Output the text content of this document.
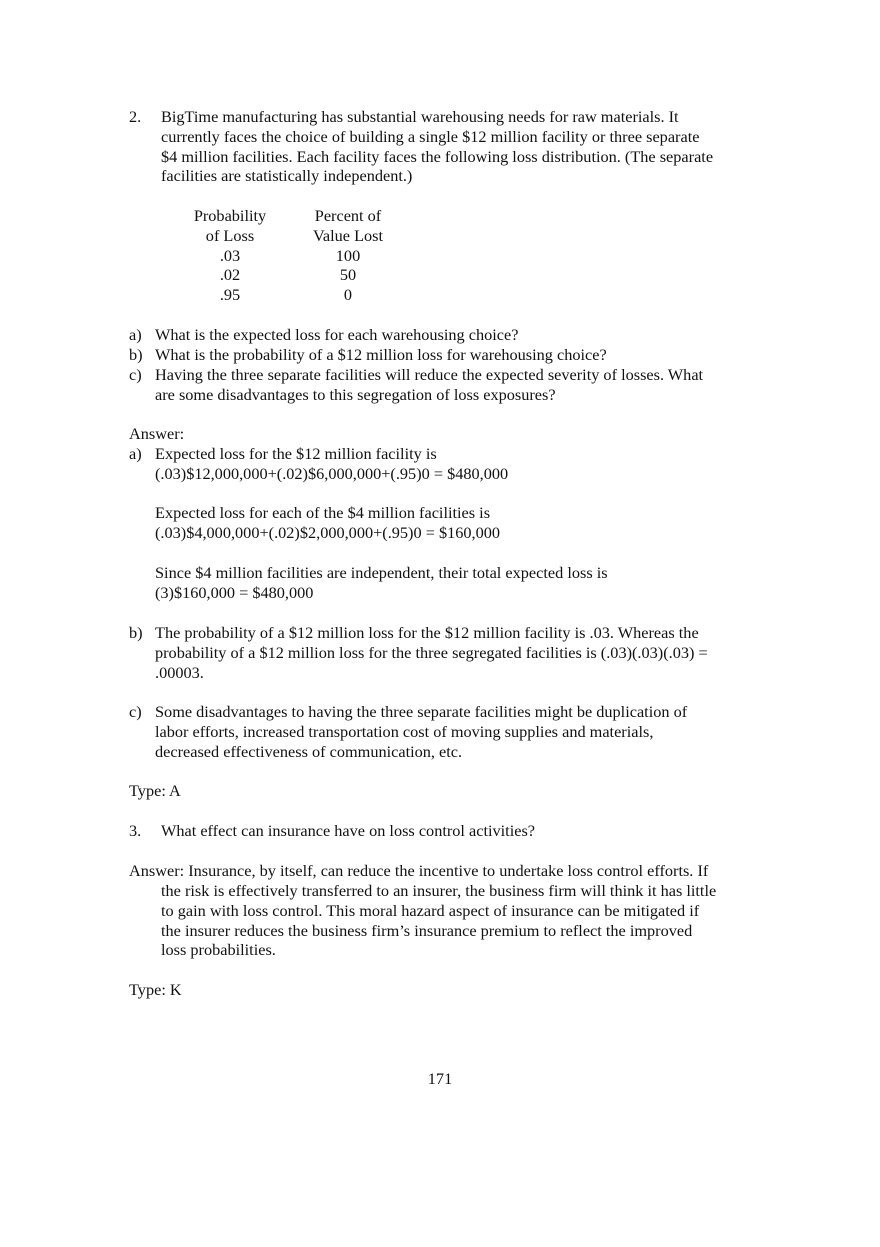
2. BigTime manufacturing has substantial warehousing needs for raw materials. It
currently faces the choice of building a single $12 million facility or three separate
$4 million facilities. Each facility faces the following loss distribution. (The separate
facilities are statistically independent.)
Probability
of Loss
.03
.02
.95
Percent of
Value Lost
100
50
0
a) What is the expected loss for each warehousing choice?
b) What is the probability of a $12 million loss for warehousing choice?
c) Having the three separate facilities will reduce the expected severity of losses. What
are some disadvantages to this segregation of loss exposures?
Answer:
a) Expected loss for the $12 million facility is
(.03)$12,000,000+(.02)$6,000,000+(.95)0 = $480,000
Expected loss for each of the $4 million facilities is
(.03)$4,000,000+(.02)$2,000,000+(.95)0 = $160,000
Since $4 million facilities are independent, their total expected loss is
(3)$160,000 = $480,000
b) The probability of a $12 million loss for the $12 million facility is .03. Whereas the
probability of a $12 million loss for the three segregated facilities is (.03)(.03)(.03) =
.00003.
c) Some disadvantages to having the three separate facilities might be duplication of
labor efforts, increased transportation cost of moving supplies and materials,
decreased effectiveness of communication, etc.
Type: A
3. What effect can insurance have on loss control activities?
Answer: Insurance, by itself, can reduce the incentive to undertake loss control efforts. If
the risk is effectively transferred to an insurer, the business firm will think it has little
to gain with loss control. This moral hazard aspect of insurance can be mitigated if
the insurer reduces the business firm’s insurance premium to reflect the improved
loss probabilities.
Type: K
171
